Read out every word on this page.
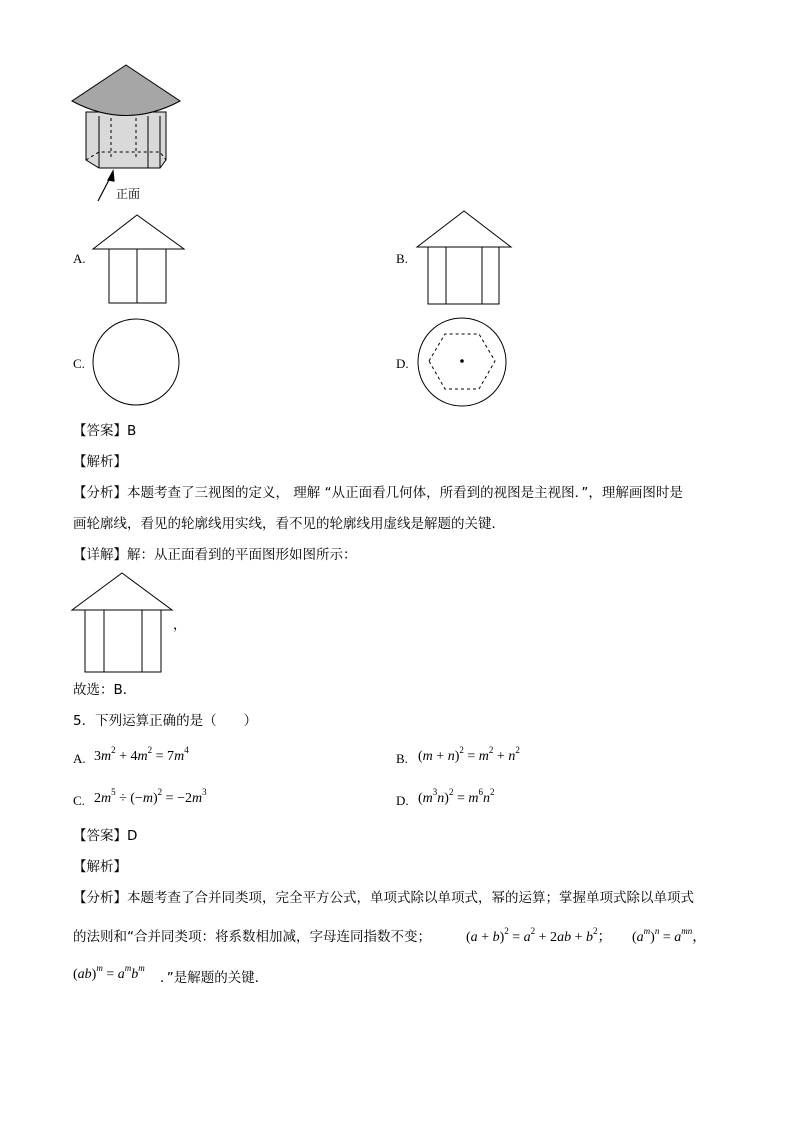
正面
A.	B.
C.	D.
【答案】B
【解析】
【分析】本题考查了三视图的定义， 理解 “从正面看几何体，所看到的视图是主视图．”，理解画图时是
画轮廓线，看见的轮廓线用实线，看不见的轮廓线用虚线是解题的关键．
【详解】解：从正面看到的平面图形如图所示：
，
故选：B．
5．下列运算正确的是（　　）
A. $3m^2 + 4m^2 = 7m^4$
B. $(m + n)^2 = m^2 + n^2$
C. $2m^5 \div (-m)^2 = -2m^3$
D. $(m^3n)^2 = m^6n^2$
【答案】D
【解析】
【分析】本题考查了合并同类项，完全平方公式，单项式除以单项式，幂的运算；掌握单项式除以单项式
的法则和“合并同类项：将系数相加减，字母连同指数不变；	$(a + b)^2 = a^2 + 2ab + b^2$； $(a^m)^n = a^{mn}$，
$(ab)^m = a^mb^m$
．”是解题的关键．
